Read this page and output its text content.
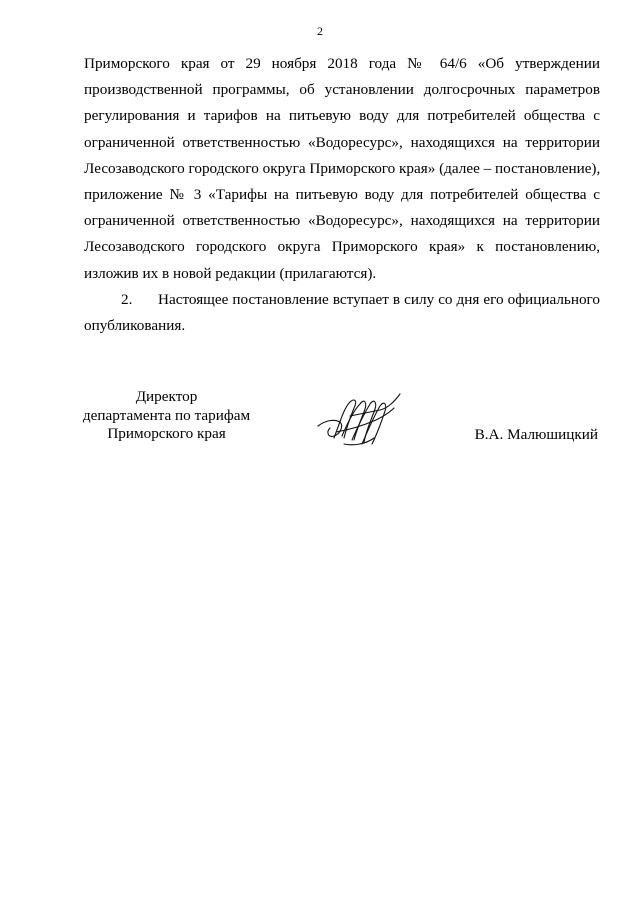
2
Приморского края от 29 ноября 2018 года № 64/6 «Об утверждении
производственной программы, об установлении долгосрочных параметров
регулирования и тарифов на питьевую воду для потребителей общества с
ограниченной ответственностью «Водоресурс», находящихся на территории
Лесозаводского городского округа Приморского края» (далее – постановление),
приложение № 3 «Тарифы на питьевую воду для потребителей общества с
ограниченной ответственностью «Водоресурс», находящихся на территории
Лесозаводского городского округа Приморского края» к постановлению,
изложив их в новой редакции (прилагаются).
2. Настоящее постановление вступает в силу со дня его официального
опубликования.
Директор
департамента по тарифам
Приморского края	В.А. Малюшицкий
